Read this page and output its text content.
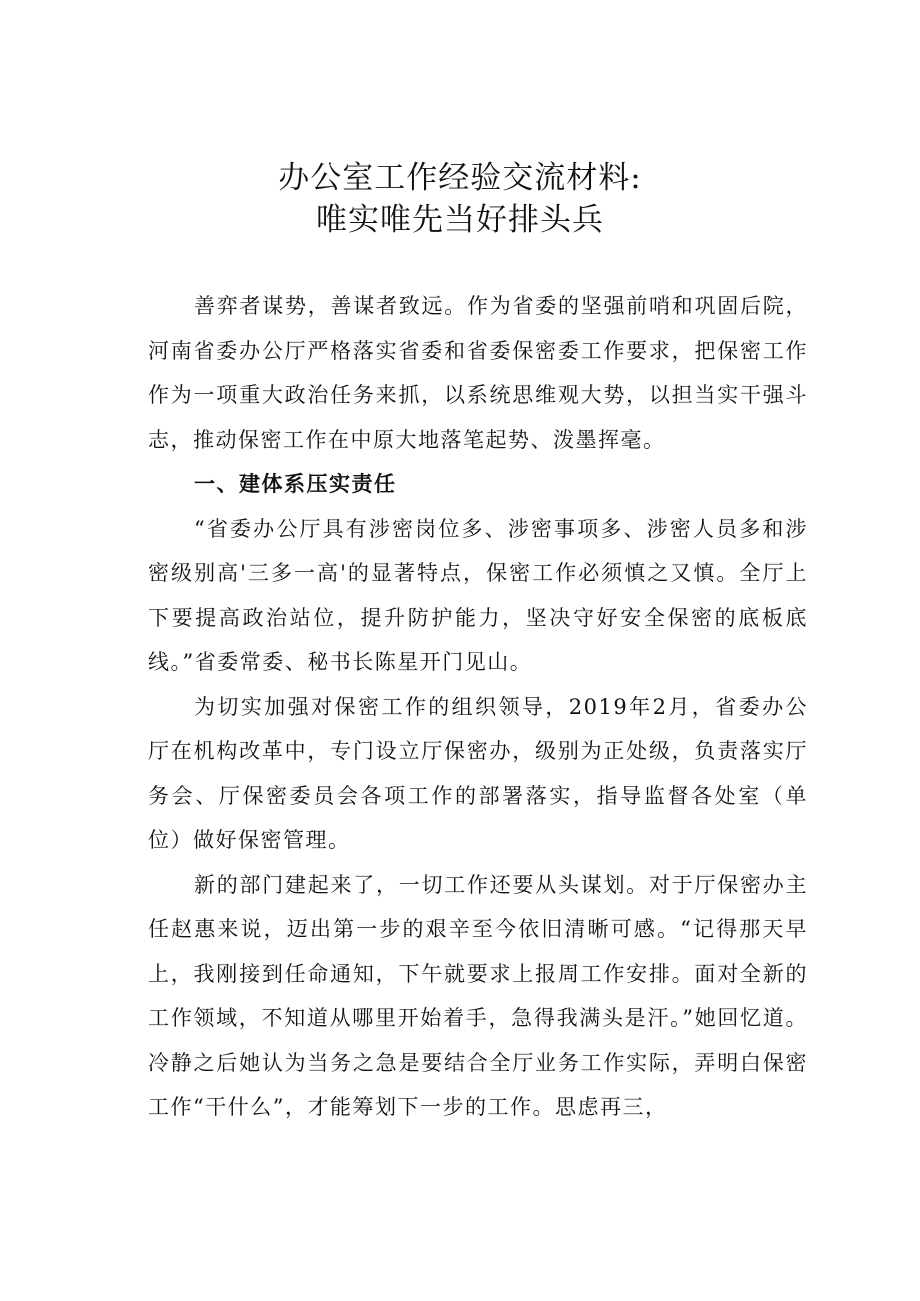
办公室工作经验交流材料:
唯实唯先当好排头兵

善弈者谋势，善谋者致远。作为省委的坚强前哨和巩固后院，河南省委办公厅严格落实省委和省委保密委工作要求，把保密工作作为一项重大政治任务来抓，以系统思维观大势，以担当实干强斗志，推动保密工作在中原大地落笔起势、泼墨挥毫。

一、建体系压实责任

“省委办公厅具有涉密岗位多、涉密事项多、涉密人员多和涉密级别高'三多一高'的显著特点，保密工作必须慎之又慎。全厅上下要提高政治站位，提升防护能力，坚决守好安全保密的底板底线。”省委常委、秘书长陈星开门见山。

为切实加强对保密工作的组织领导，2019年2月，省委办公厅在机构改革中，专门设立厅保密办，级别为正处级，负责落实厅务会、厅保密委员会各项工作的部署落实，指导监督各处室（单位）做好保密管理。

新的部门建起来了，一切工作还要从头谋划。对于厅保密办主任赵惠来说，迈出第一步的艰辛至今依旧清晰可感。“记得那天早上，我刚接到任命通知，下午就要求上报周工作安排。面对全新的工作领域，不知道从哪里开始着手，急得我满头是汗。”她回忆道。冷静之后她认为当务之急是要结合全厅业务工作实际，弄明白保密工作“干什么”，才能筹划下一步的工作。思虑再三，
